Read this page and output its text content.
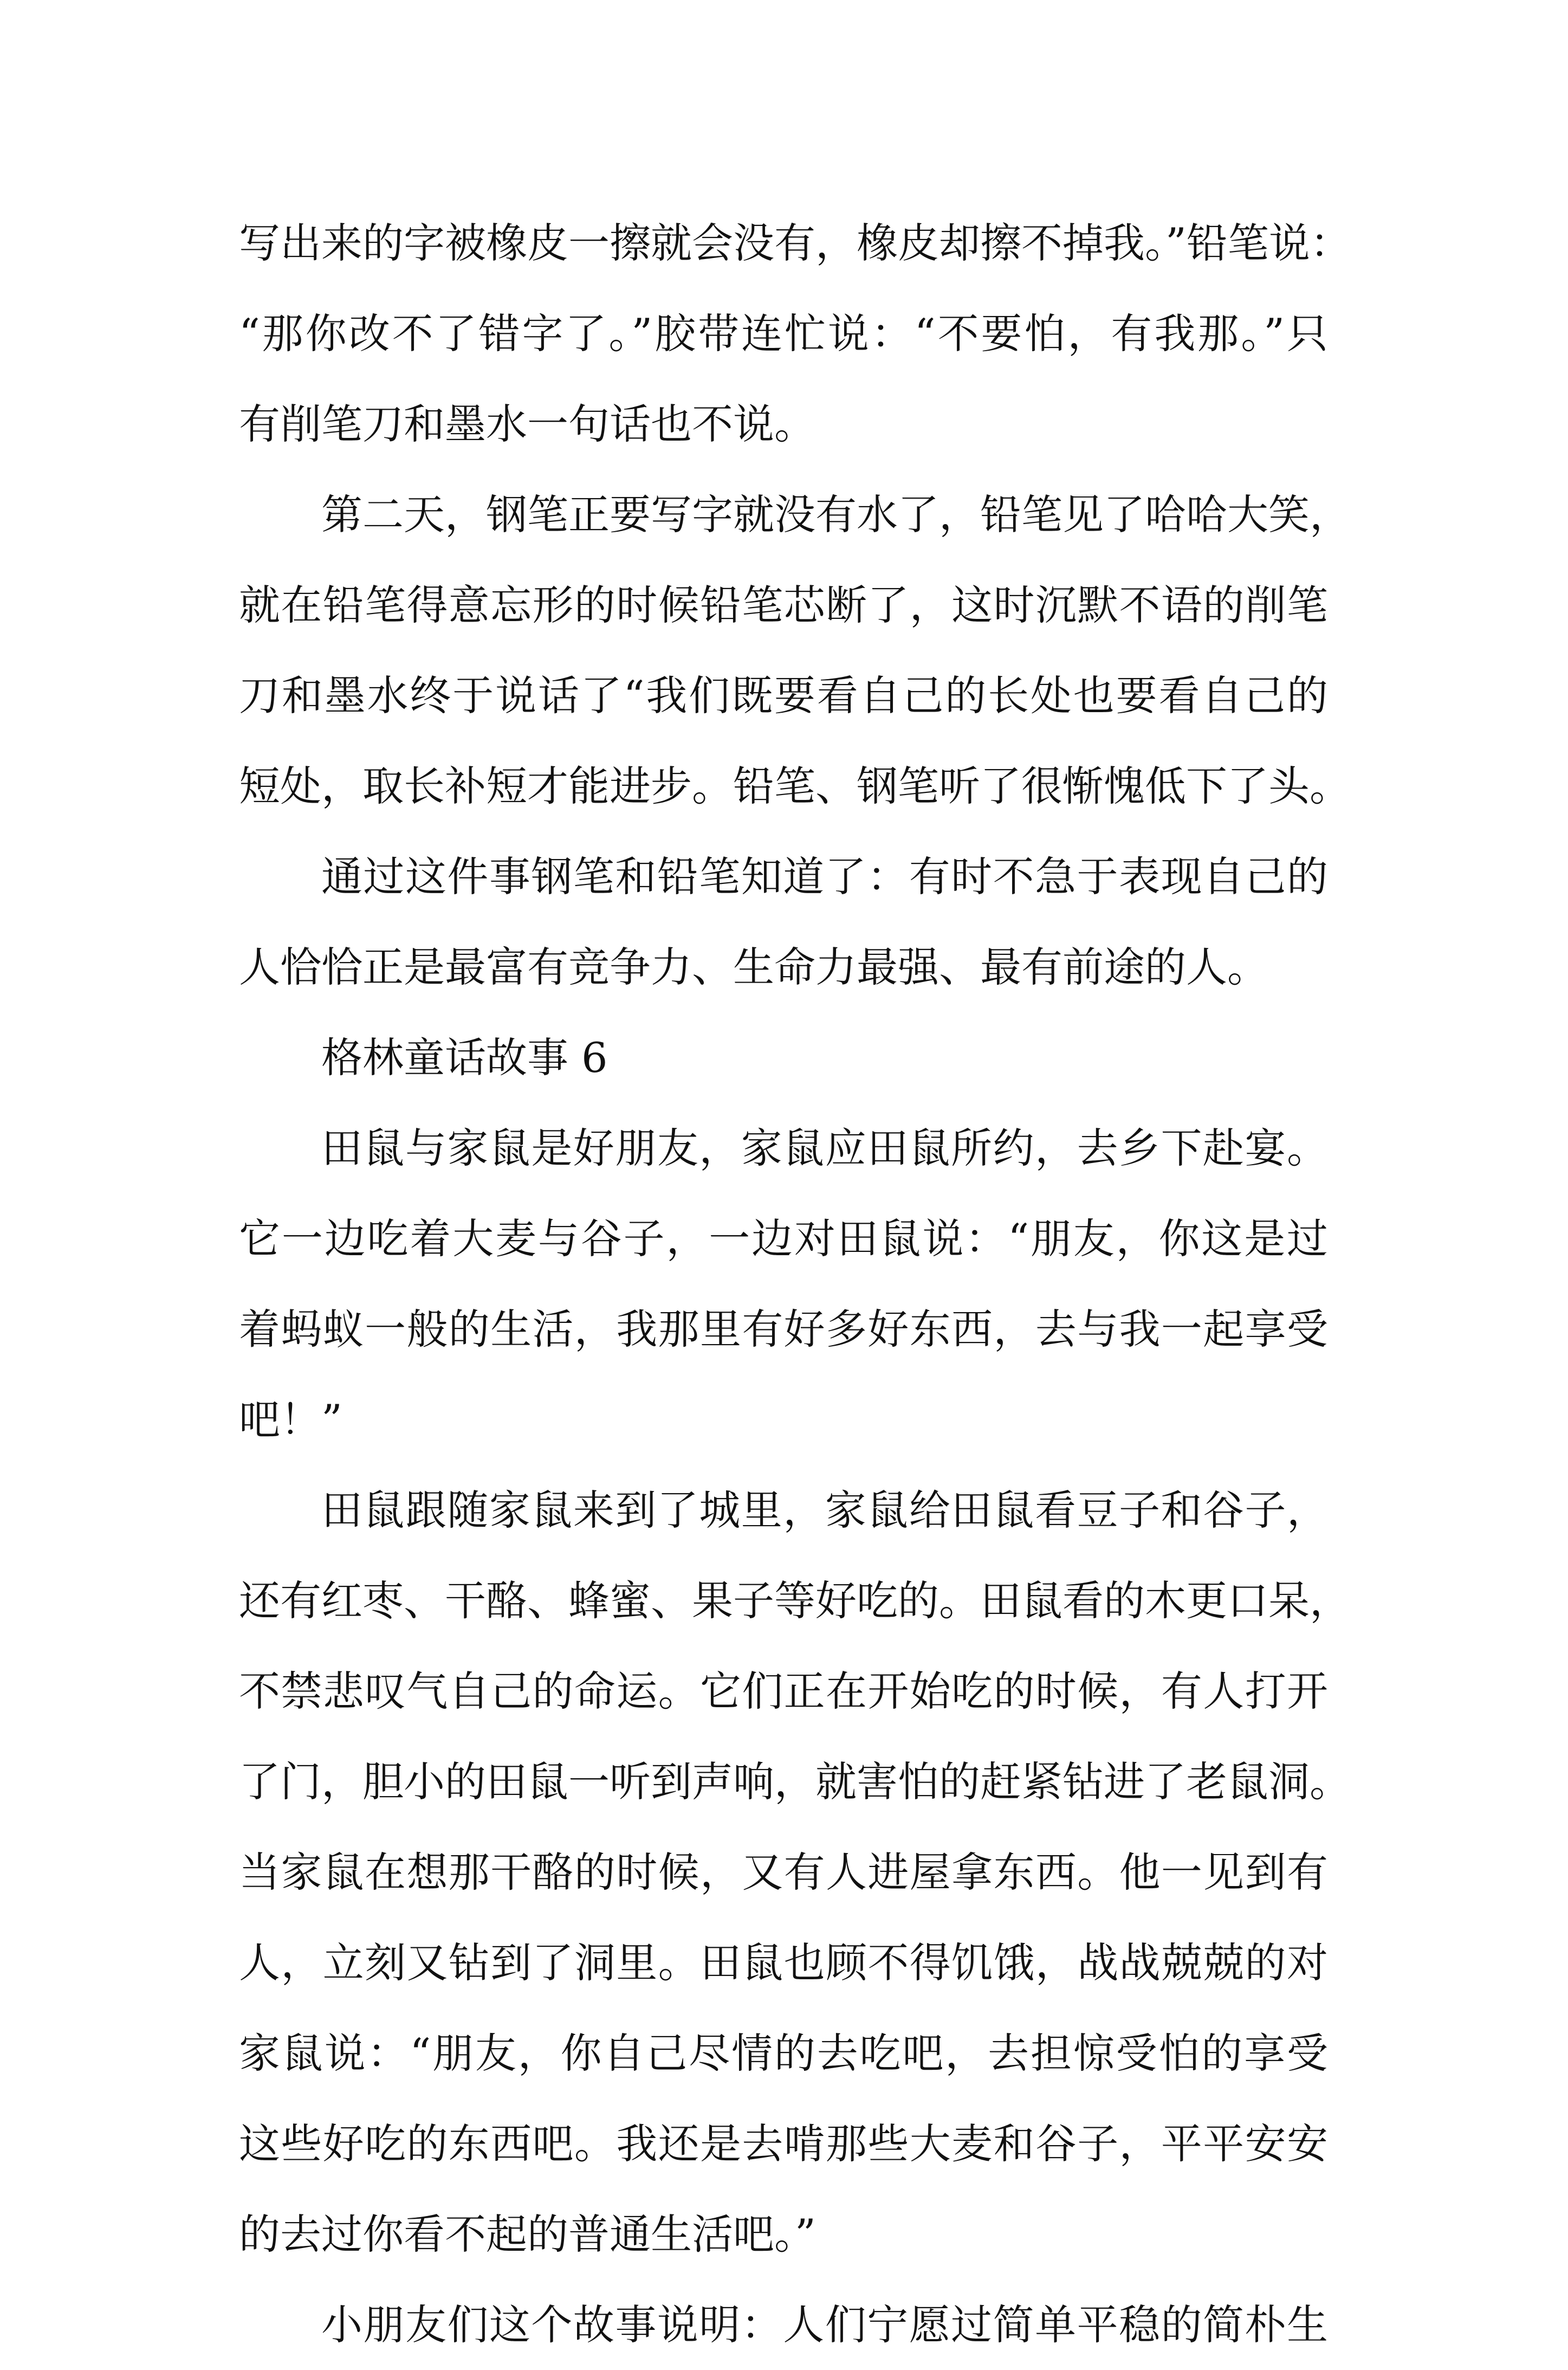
写出来的字被橡皮一擦就会没有，橡皮却擦不掉我。”铅笔说：
“那你改不了错字了。”胶带连忙说：“不要怕，有我那。”只
有削笔刀和墨水一句话也不说。
第二天，钢笔正要写字就没有水了，铅笔见了哈哈大笑，
就在铅笔得意忘形的时候铅笔芯断了，这时沉默不语的削笔
刀和墨水终于说话了“我们既要看自己的长处也要看自己的
短处，取长补短才能进步。铅笔、钢笔听了很惭愧低下了头。
通过这件事钢笔和铅笔知道了：有时不急于表现自己的
人恰恰正是最富有竞争力、生命力最强、最有前途的人。
格林童话故事 6
田鼠与家鼠是好朋友，家鼠应田鼠所约，去乡下赴宴。
它一边吃着大麦与谷子，一边对田鼠说：“朋友，你这是过
着蚂蚁一般的生活，我那里有好多好东西，去与我一起享受
吧！”
田鼠跟随家鼠来到了城里，家鼠给田鼠看豆子和谷子，
还有红枣、干酪、蜂蜜、果子等好吃的。田鼠看的木更口呆，
不禁悲叹气自己的命运。它们正在开始吃的时候，有人打开
了门，胆小的田鼠一听到声响，就害怕的赶紧钻进了老鼠洞。
当家鼠在想那干酪的时候，又有人进屋拿东西。他一见到有
人，立刻又钻到了洞里。田鼠也顾不得饥饿，战战兢兢的对
家鼠说：“朋友，你自己尽情的去吃吧，去担惊受怕的享受
这些好吃的东西吧。我还是去啃那些大麦和谷子，平平安安
的去过你看不起的普通生活吧。”
小朋友们这个故事说明：人们宁愿过简单平稳的简朴生
